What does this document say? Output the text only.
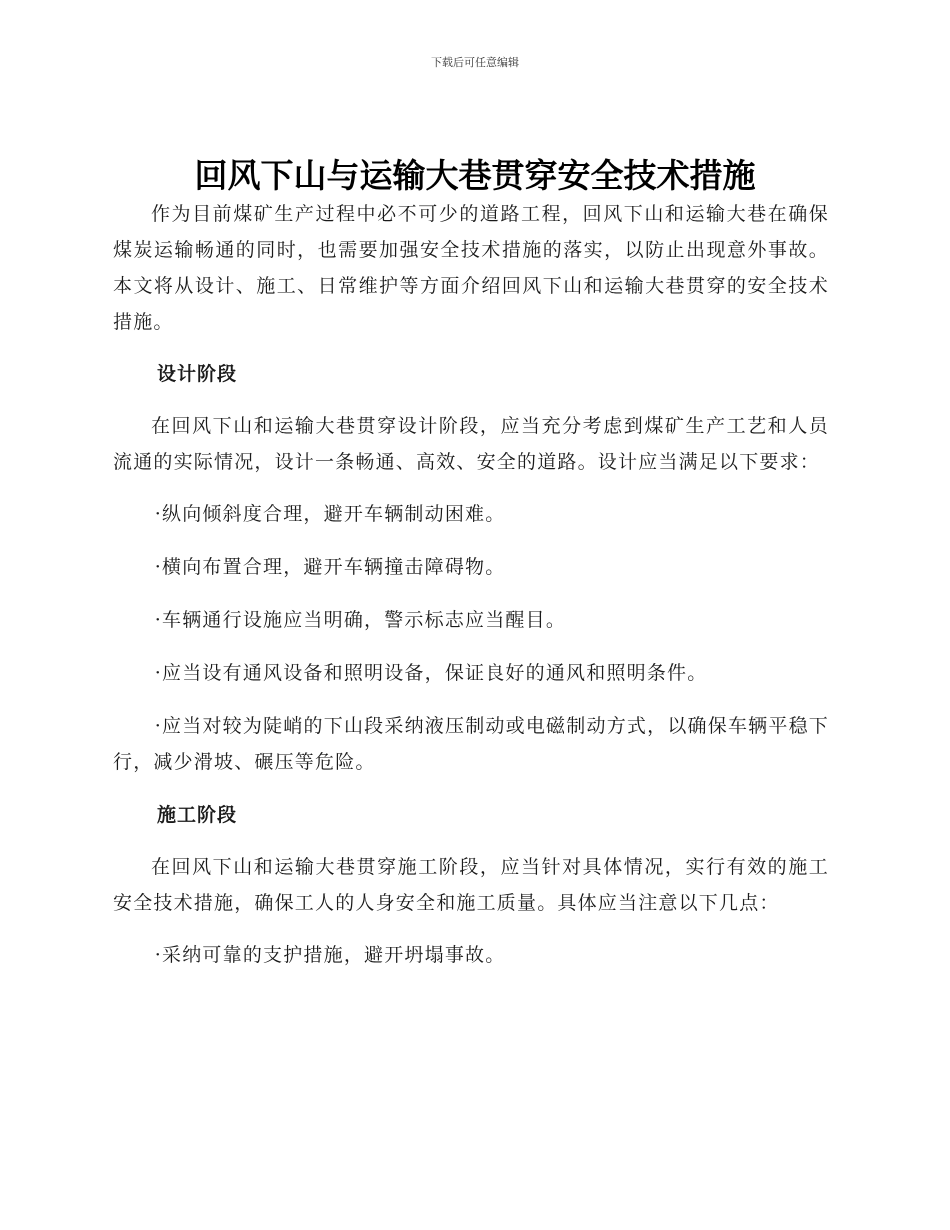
下载后可任意编辑
回风下山与运输大巷贯穿安全技术措施

作为目前煤矿生产过程中必不可少的道路工程，回风下山和运输大巷在确保煤炭运输畅通的同时，也需要加强安全技术措施的落实，以防止出现意外事故。本文将从设计、施工、日常维护等方面介绍回风下山和运输大巷贯穿的安全技术措施。

设计阶段

在回风下山和运输大巷贯穿设计阶段，应当充分考虑到煤矿生产工艺和人员流通的实际情况，设计一条畅通、高效、安全的道路。设计应当满足以下要求：

·纵向倾斜度合理，避开车辆制动困难。

·横向布置合理，避开车辆撞击障碍物。

·车辆通行设施应当明确，警示标志应当醒目。

·应当设有通风设备和照明设备，保证良好的通风和照明条件。

·应当对较为陡峭的下山段采纳液压制动或电磁制动方式，以确保车辆平稳下行，减少滑坡、碾压等危险。

施工阶段

在回风下山和运输大巷贯穿施工阶段，应当针对具体情况，实行有效的施工安全技术措施，确保工人的人身安全和施工质量。具体应当注意以下几点：

·采纳可靠的支护措施，避开坍塌事故。
